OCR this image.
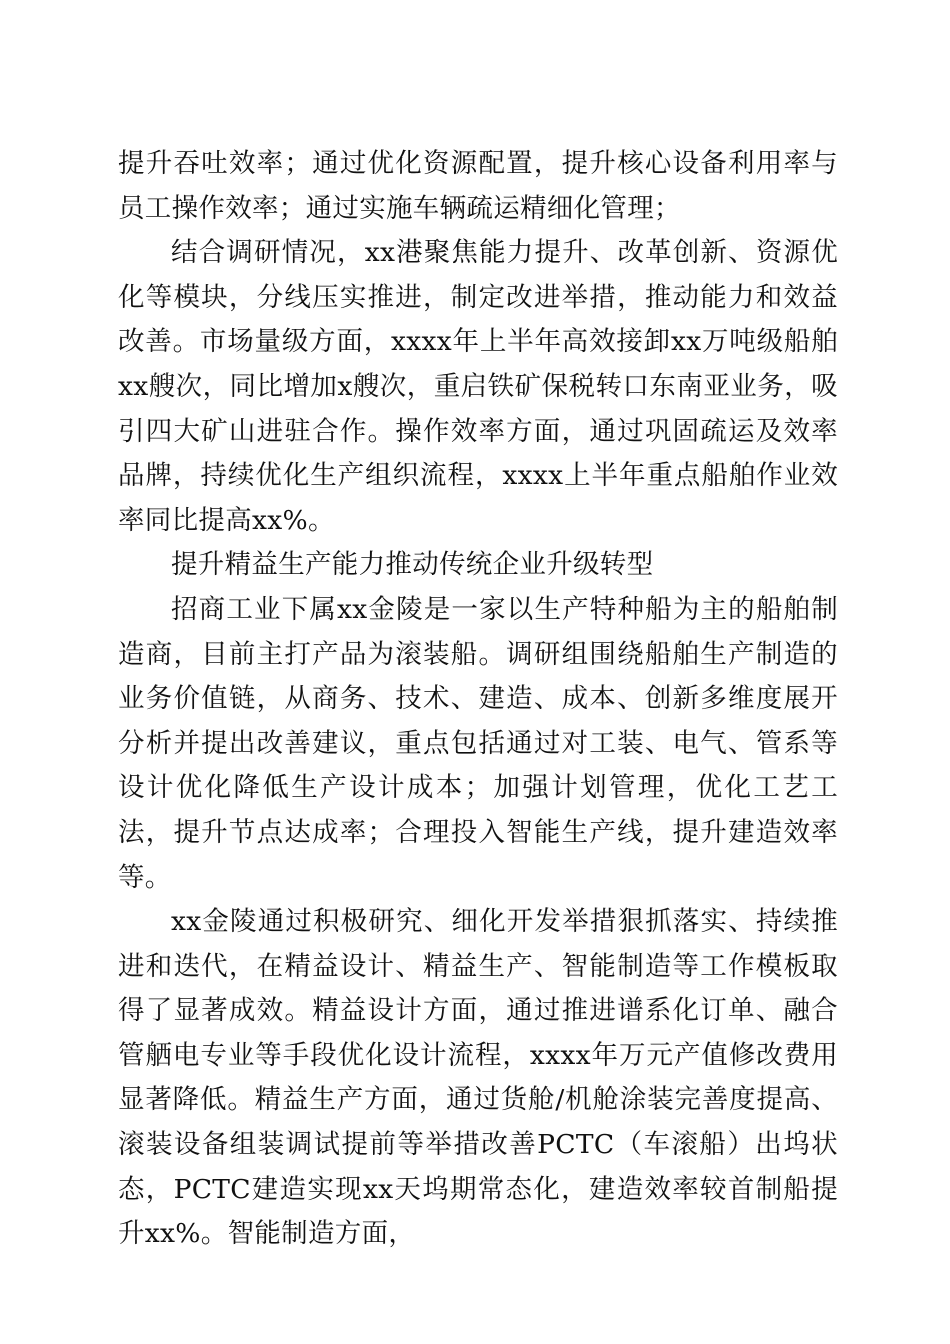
提升吞吐效率；通过优化资源配置，提升核心设备利用率与员工操作效率；通过实施车辆疏运精细化管理；

结合调研情况，xx港聚焦能力提升、改革创新、资源优化等模块，分线压实推进，制定改进举措，推动能力和效益改善。市场量级方面，xxxx年上半年高效接卸xx万吨级船舶xx艘次，同比增加x艘次，重启铁矿保税转口东南亚业务，吸引四大矿山进驻合作。操作效率方面，通过巩固疏运及效率品牌，持续优化生产组织流程，xxxx上半年重点船舶作业效率同比提高xx%。

提升精益生产能力推动传统企业升级转型

招商工业下属xx金陵是一家以生产特种船为主的船舶制造商，目前主打产品为滚装船。调研组围绕船舶生产制造的业务价值链，从商务、技术、建造、成本、创新多维度展开分析并提出改善建议，重点包括通过对工装、电气、管系等设计优化降低生产设计成本；加强计划管理，优化工艺工法，提升节点达成率；合理投入智能生产线，提升建造效率等。

xx金陵通过积极研究、细化开发举措狠抓落实、持续推进和迭代，在精益设计、精益生产、智能制造等工作模板取得了显著成效。精益设计方面，通过推进谱系化订单、融合管舾电专业等手段优化设计流程，xxxx年万元产值修改费用显著降低。精益生产方面，通过货舱/机舱涂装完善度提高、滚装设备组装调试提前等举措改善PCTC（车滚船）出坞状态，PCTC建造实现xx天坞期常态化，建造效率较首制船提升xx%。智能制造方面，
